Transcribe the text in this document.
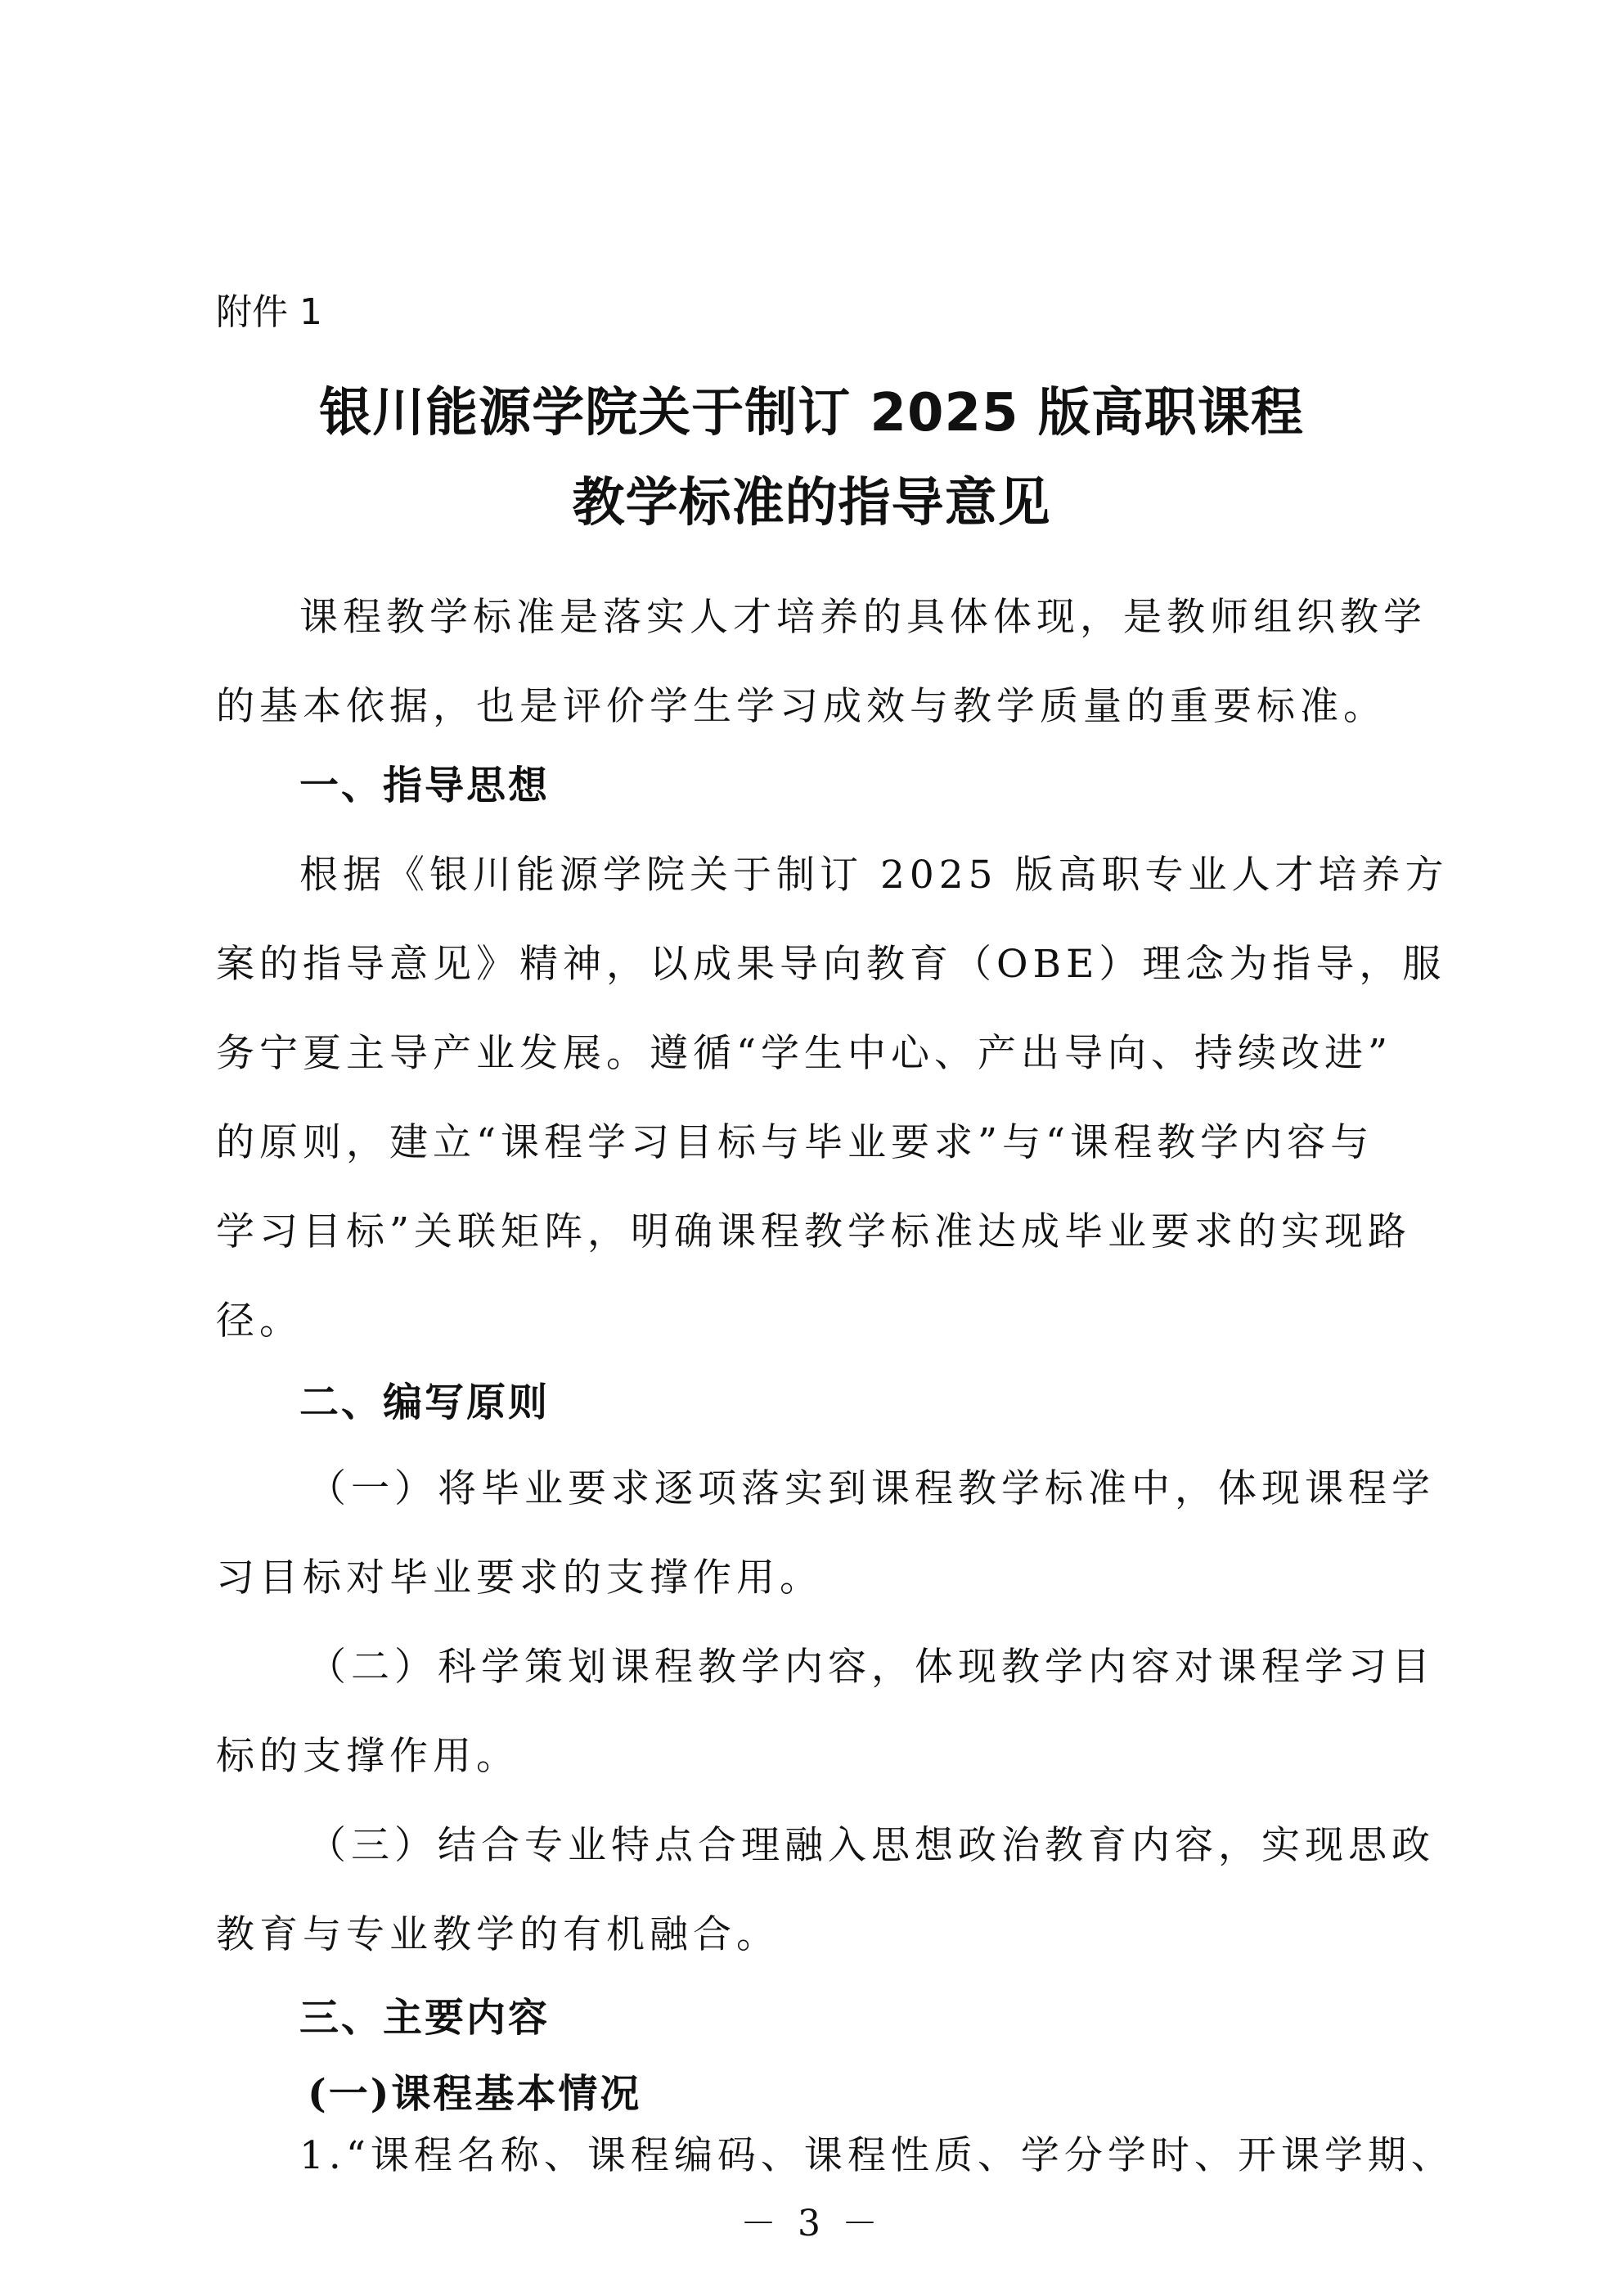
附件 1
银川能源学院关于制订 2025 版高职课程
教学标准的指导意见
课程教学标准是落实人才培养的具体体现，是教师组织教学
的基本依据，也是评价学生学习成效与教学质量的重要标准。
一、指导思想
根据《银川能源学院关于制订 2025 版高职专业人才培养方
案的指导意见》精神，以成果导向教育（OBE）理念为指导，服
务宁夏主导产业发展。遵循“学生中心、产出导向、持续改进”
的原则，建立“课程学习目标与毕业要求”与“课程教学内容与
学习目标”关联矩阵，明确课程教学标准达成毕业要求的实现路
径。
二、编写原则
（一）将毕业要求逐项落实到课程教学标准中，体现课程学
习目标对毕业要求的支撑作用。
（二）科学策划课程教学内容，体现教学内容对课程学习目
标的支撑作用。
（三）结合专业特点合理融入思想政治教育内容，实现思政
教育与专业教学的有机融合。
三、主要内容
(一)课程基本情况
1.“课程名称、课程编码、课程性质、学分学时、开课学期、
－ 3 －
